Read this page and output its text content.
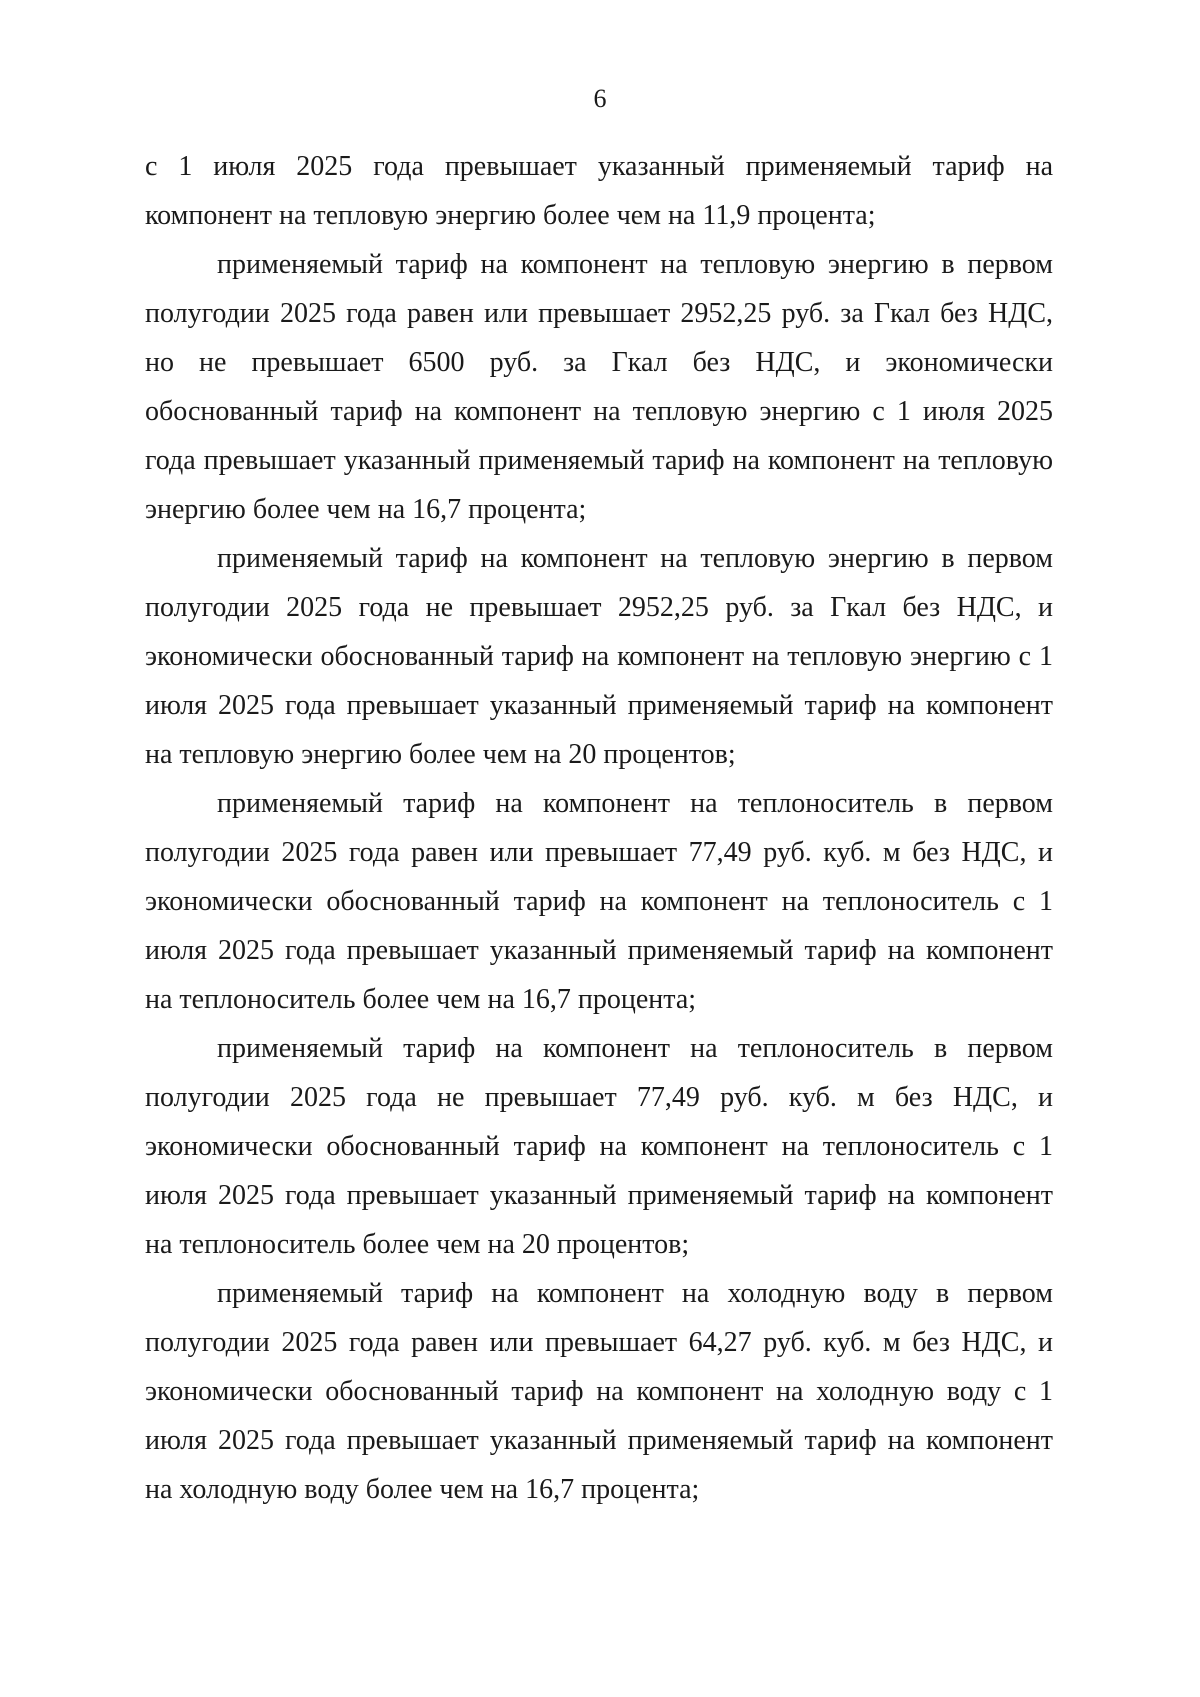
6

с 1 июля 2025 года превышает указанный применяемый тариф на компонент на тепловую энергию более чем на 11,9 процента;

применяемый тариф на компонент на тепловую энергию в первом полугодии 2025 года равен или превышает 2952,25 руб. за Гкал без НДС, но не превышает 6500 руб. за Гкал без НДС, и экономически обоснованный тариф на компонент на тепловую энергию с 1 июля 2025 года превышает указанный применяемый тариф на компонент на тепловую энергию более чем на 16,7 процента;

применяемый тариф на компонент на тепловую энергию в первом полугодии 2025 года не превышает 2952,25 руб. за Гкал без НДС, и экономически обоснованный тариф на компонент на тепловую энергию с 1 июля 2025 года превышает указанный применяемый тариф на компонент на тепловую энергию более чем на 20 процентов;

применяемый тариф на компонент на теплоноситель в первом полугодии 2025 года равен или превышает 77,49 руб. куб. м без НДС, и экономически обоснованный тариф на компонент на теплоноситель с 1 июля 2025 года превышает указанный применяемый тариф на компонент на теплоноситель более чем на 16,7 процента;

применяемый тариф на компонент на теплоноситель в первом полугодии 2025 года не превышает 77,49 руб. куб. м без НДС, и экономически обоснованный тариф на компонент на теплоноситель с 1 июля 2025 года превышает указанный применяемый тариф на компонент на теплоноситель более чем на 20 процентов;

применяемый тариф на компонент на холодную воду в первом полугодии 2025 года равен или превышает 64,27 руб. куб. м без НДС, и экономически обоснованный тариф на компонент на холодную воду с 1 июля 2025 года превышает указанный применяемый тариф на компонент на холодную воду более чем на 16,7 процента;
